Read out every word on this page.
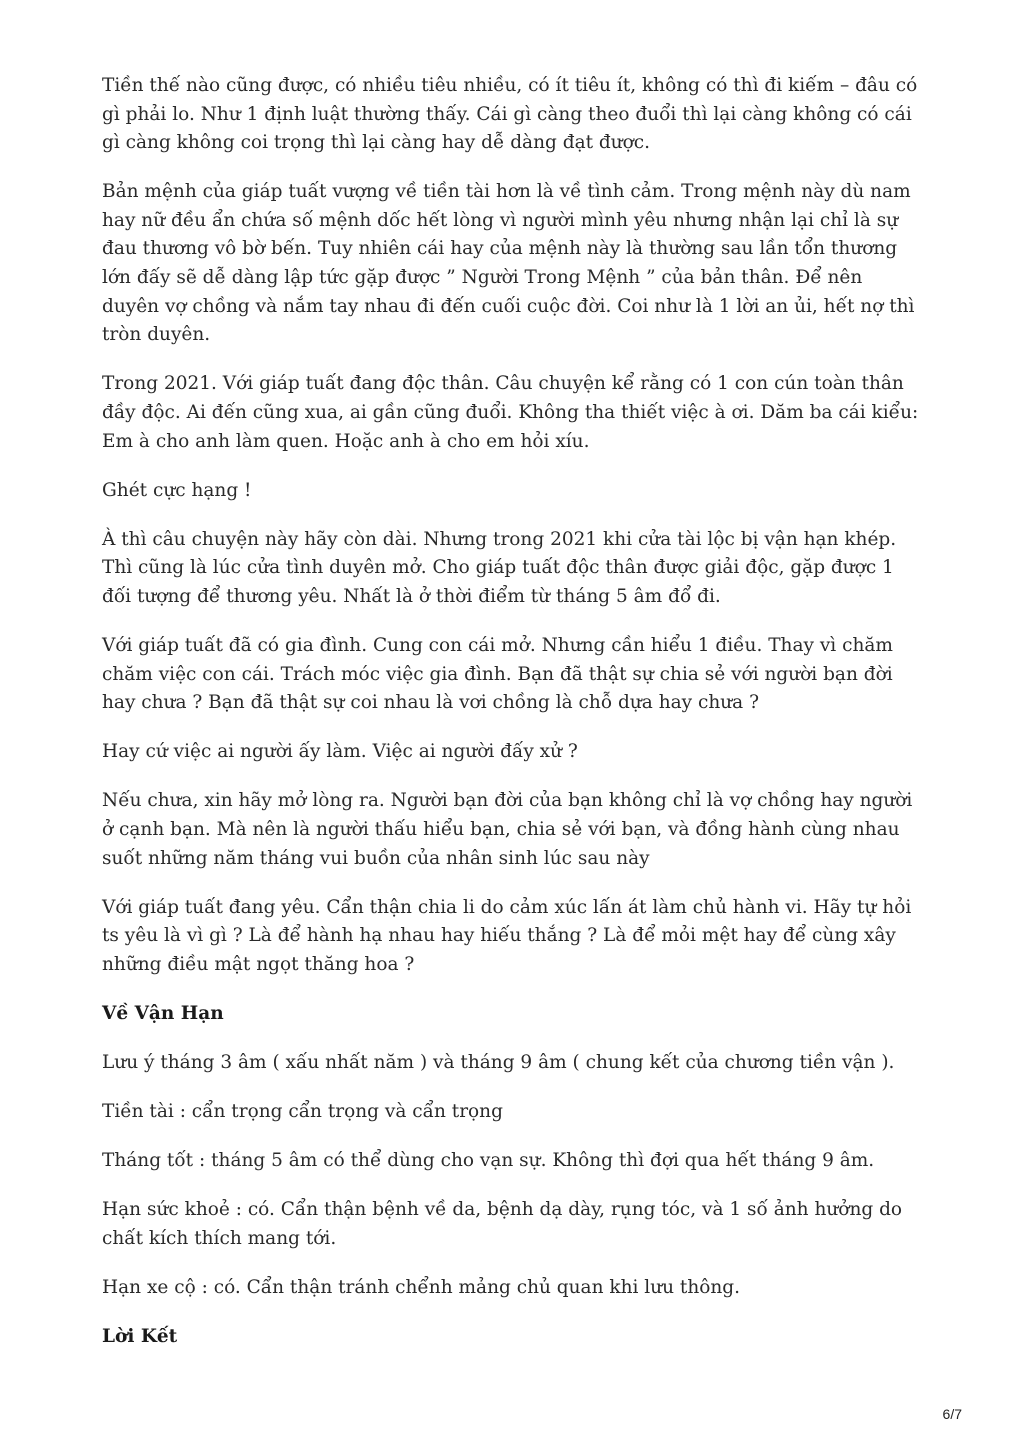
Tiền thế nào cũng được, có nhiều tiêu nhiều, có ít tiêu ít, không có thì đi kiếm – đâu có gì phải lo. Như 1 định luật thường thấy. Cái gì càng theo đuổi thì lại càng không có cái gì càng không coi trọng thì lại càng hay dễ dàng đạt được.

Bản mệnh của giáp tuất vượng về tiền tài hơn là về tình cảm. Trong mệnh này dù nam hay nữ đều ẩn chứa số mệnh dốc hết lòng vì người mình yêu nhưng nhận lại chỉ là sự đau thương vô bờ bến. Tuy nhiên cái hay của mệnh này là thường sau lần tổn thương lớn đấy sẽ dễ dàng lập tức gặp được ” Người Trong Mệnh ” của bản thân. Để nên duyên vợ chồng và nắm tay nhau đi đến cuối cuộc đời. Coi như là 1 lời an ủi, hết nợ thì tròn duyên.

Trong 2021. Với giáp tuất đang độc thân. Câu chuyện kể rằng có 1 con cún toàn thân đầy độc. Ai đến cũng xua, ai gần cũng đuổi. Không tha thiết việc à ơi. Dăm ba cái kiểu: Em à cho anh làm quen. Hoặc anh à cho em hỏi xíu.

Ghét cực hạng !

À thì câu chuyện này hãy còn dài. Nhưng trong 2021 khi cửa tài lộc bị vận hạn khép. Thì cũng là lúc cửa tình duyên mở. Cho giáp tuất độc thân được giải độc, gặp được 1 đối tượng để thương yêu. Nhất là ở thời điểm từ tháng 5 âm đổ đi.

Với giáp tuất đã có gia đình. Cung con cái mở. Nhưng cần hiểu 1 điều. Thay vì chăm chăm việc con cái. Trách móc việc gia đình. Bạn đã thật sự chia sẻ với người bạn đời hay chưa ? Bạn đã thật sự coi nhau là vơi chồng là chỗ dựa hay chưa ?

Hay cứ việc ai người ấy làm. Việc ai người đấy xử ?

Nếu chưa, xin hãy mở lòng ra. Người bạn đời của bạn không chỉ là vợ chồng hay người ở cạnh bạn. Mà nên là người thấu hiểu bạn, chia sẻ với bạn, và đồng hành cùng nhau suốt những năm tháng vui buồn của nhân sinh lúc sau này

Với giáp tuất đang yêu. Cẩn thận chia li do cảm xúc lấn át làm chủ hành vi. Hãy tự hỏi ts yêu là vì gì ? Là để hành hạ nhau hay hiếu thắng ? Là để mỏi mệt hay để cùng xây những điều mật ngọt thăng hoa ?

Về Vận Hạn

Lưu ý tháng 3 âm ( xấu nhất năm ) và tháng 9 âm ( chung kết của chương tiền vận ).

Tiền tài : cẩn trọng cẩn trọng và cẩn trọng

Tháng tốt : tháng 5 âm có thể dùng cho vạn sự. Không thì đợi qua hết tháng 9 âm.

Hạn sức khoẻ : có. Cẩn thận bệnh về da, bệnh dạ dày, rụng tóc, và 1 số ảnh hưởng do chất kích thích mang tới.

Hạn xe cộ : có. Cẩn thận tránh chểnh mảng chủ quan khi lưu thông.

Lời Kết
6/7
